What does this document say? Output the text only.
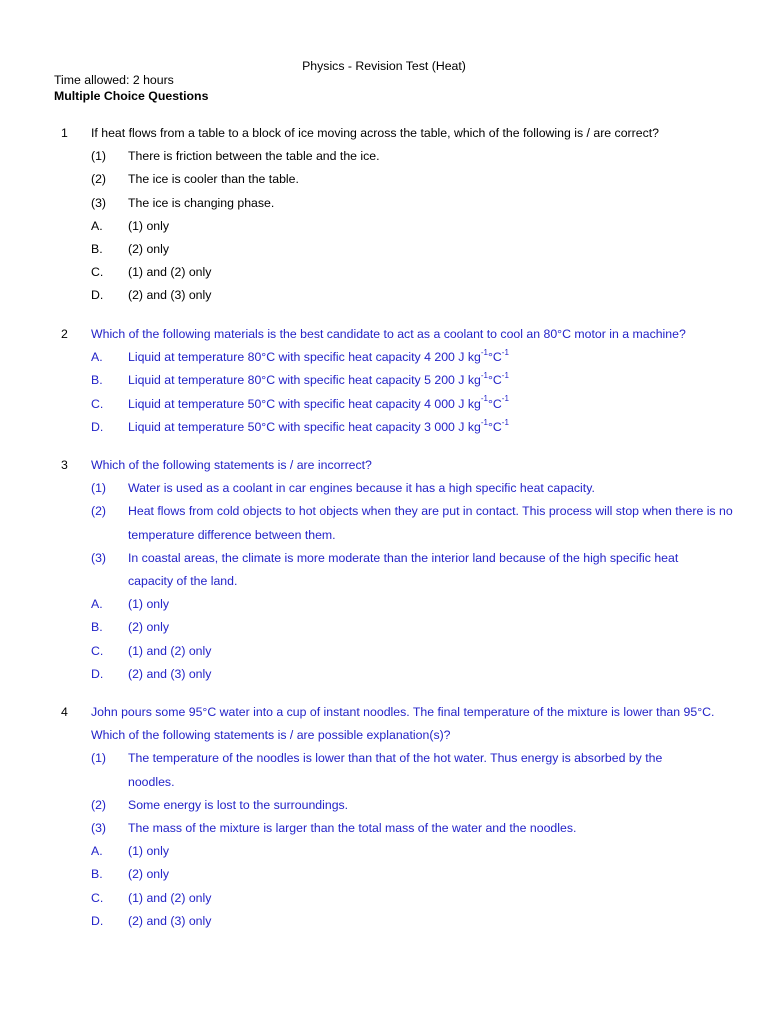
Physics - Revision Test (Heat)
Time allowed: 2 hours
Multiple Choice Questions
1 If heat flows from a table to a block of ice moving across the table, which of the following is / are correct?
(1) There is friction between the table and the ice.
(2) The ice is cooler than the table.
(3) The ice is changing phase.
A. (1) only
B. (2) only
C. (1) and (2) only
D. (2) and (3) only
2 Which of the following materials is the best candidate to act as a coolant to cool an 80°C motor in a machine?
A. Liquid at temperature 80°C with specific heat capacity 4 200 J $kg^{-1}^\circ C^{-1}$
B. Liquid at temperature 80°C with specific heat capacity 5 200 J $kg^{-1}^\circ C^{-1}$
C. Liquid at temperature 50°C with specific heat capacity 4 000 J $kg^{-1}^\circ C^{-1}$
D. Liquid at temperature 50°C with specific heat capacity 3 000 J $kg^{-1}^\circ C^{-1}$
3 Which of the following statements is / are incorrect?
(1) Water is used as a coolant in car engines because it has a high specific heat capacity.
(2) Heat flows from cold objects to hot objects when they are put in contact. This process will stop when there is no temperature difference between them.
(3) In coastal areas, the climate is more moderate than the interior land because of the high specific heat capacity of the land.
A. (1) only
B. (2) only
C. (1) and (2) only
D. (2) and (3) only
4 John pours some 95°C water into a cup of instant noodles. The final temperature of the mixture is lower than 95°C. Which of the following statements is / are possible explanation(s)?
(1) The temperature of the noodles is lower than that of the hot water. Thus energy is absorbed by the noodles.
(2) Some energy is lost to the surroundings.
(3) The mass of the mixture is larger than the total mass of the water and the noodles.
A. (1) only
B. (2) only
C. (1) and (2) only
D. (2) and (3) only
